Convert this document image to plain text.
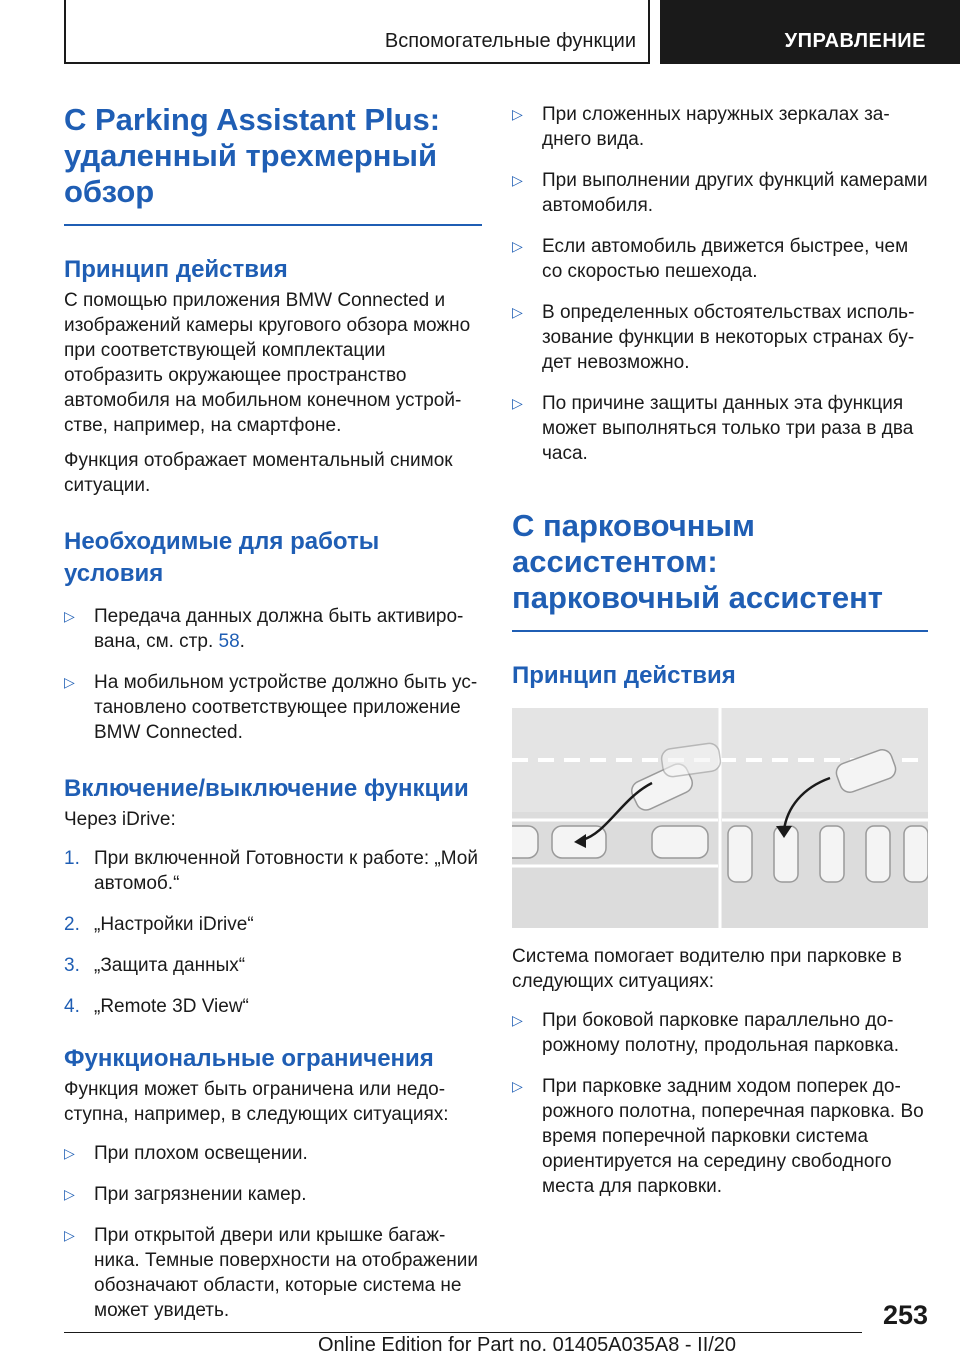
Вспомогательные функции	УПРАВЛЕНИЕ
С Parking Assistant Plus: удаленный трехмерный обзор
Принцип действия
С помощью приложения BMW Connected и изображений камеры кругового обзора можно при соответствующей комплектации отобразить окружающее пространство автомобиля на мобильном конечном устройстве, например, на смартфоне.
Функция отображает моментальный снимок ситуации.
Необходимые для работы условия
▷ Передача данных должна быть активирована, см. стр. 58.
▷ На мобильном устройстве должно быть установлено соответствующее приложение BMW Connected.
Включение/выключение функции
Через iDrive:
1. При включенной Готовности к работе: „Мой автомоб.“
2. „Настройки iDrive“
3. „Защита данных“
4. „Remote 3D View“
Функциональные ограничения
Функция может быть ограничена или недоступна, например, в следующих ситуациях:
▷ При плохом освещении.
▷ При загрязнении камер.
▷ При открытой двери или крышке багажника. Темные поверхности на отображении обозначают области, которые система не может увидеть.
▷ При сложенных наружных зеркалах заднего вида.
▷ При выполнении других функций камерами автомобиля.
▷ Если автомобиль движется быстрее, чем со скоростью пешехода.
▷ В определенных обстоятельствах использование функции в некоторых странах будет невозможно.
▷ По причине защиты данных эта функция может выполняться только три раза в два часа.
С парковочным ассистентом: парковочный ассистент
Принцип действия
Система помогает водителю при парковке в следующих ситуациях:
▷ При боковой парковке параллельно дорожному полотну, продольная парковка.
▷ При парковке задним ходом поперек дорожного полотна, поперечная парковка. Во время поперечной парковки система ориентируется на середину свободного места для парковки.
253
Online Edition for Part no. 01405A035A8 - II/20
